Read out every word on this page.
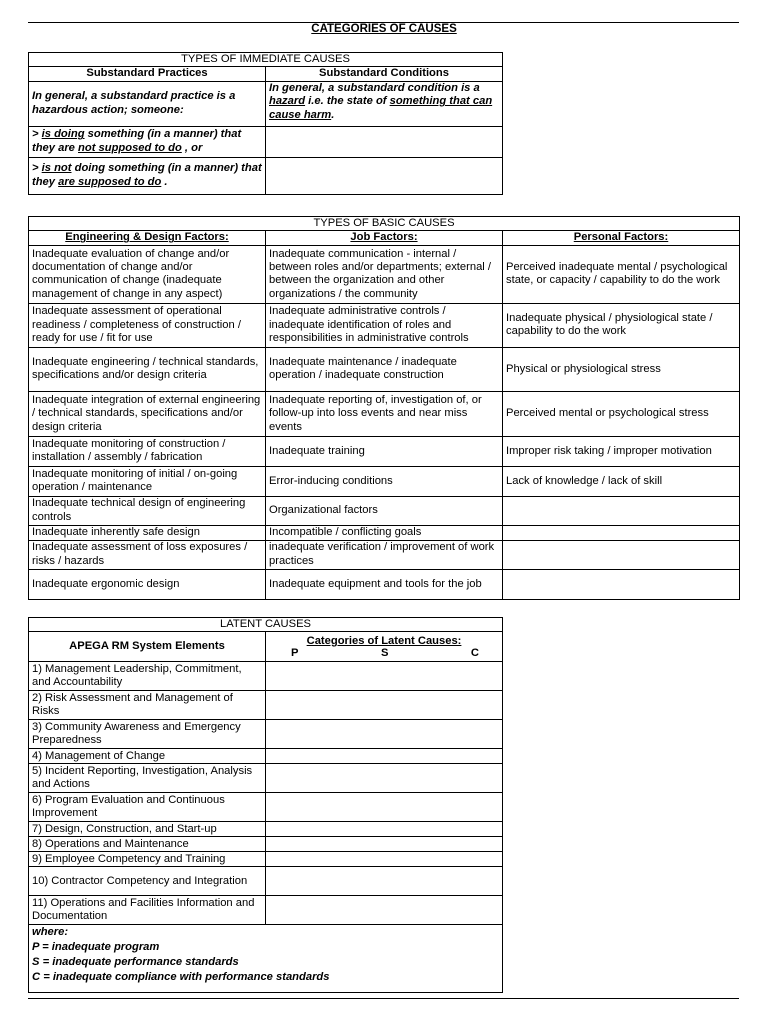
CATEGORIES OF CAUSES
TYPES OF IMMEDIATE CAUSES	
Substandard Practices	Substandard Conditions
In general, a substandard practice is a hazardous action; someone:	In general, a substandard condition is a hazard i.e. the state of something that can cause harm.
> is doing something (in a manner) that they are not supposed to do , or	
> is not doing something (in a manner) that they are supposed to do .	
TYPES OF BASIC CAUSES		
Engineering & Design Factors:	Job Factors:	Personal Factors:
Inadequate evaluation of change and/or documentation of change and/or communication of change (inadequate management of change in any aspect)	Inadequate communication - internal / between roles and/or departments; external / between the organization and other organizations / the community	Perceived inadequate mental / psychological state, or capacity / capability to do the work
Inadequate assessment of operational readiness / completeness of construction / ready for use / fit for use	Inadequate administrative controls / inadequate identification of roles and responsibilities in administrative controls	Inadequate physical / physiological state / capability to do the work
Inadequate engineering / technical standards, specifications and/or design criteria	Inadequate maintenance / inadequate operation / inadequate construction	Physical or physiological stress
Inadequate integration of external engineering / technical standards, specifications and/or design criteria	Inadequate reporting of, investigation of, or follow-up into loss events and near miss events	Perceived mental or psychological stress
Inadequate monitoring of construction / installation / assembly / fabrication	Inadequate training	Improper risk taking / improper motivation
Inadequate monitoring of initial / on-going operation / maintenance	Error-inducing conditions	Lack of knowledge / lack of skill
Inadequate technical design of engineering controls	Organizational factors	
Inadequate inherently safe design	Incompatible / conflicting goals	
Inadequate assessment of loss exposures / risks / hazards	inadequate verification / improvement of work practices	
Inadequate ergonomic design	Inadequate equipment and tools for the job	
LATENT CAUSES	
APEGA RM System Elements	Categories of Latent Causes:
P S C

1) Management Leadership, Commitment, and Accountability	
2) Risk Assessment and Management of Risks	
3) Community Awareness and Emergency Preparedness	
4) Management of Change	
5) Incident Reporting, Investigation, Analysis and Actions	
6) Program Evaluation and Continuous Improvement	
7) Design, Construction, and Start-up	
8) Operations and Maintenance	
9) Employee Competency and Training	
10) Contractor Competency and Integration	
11) Operations and Facilities Information and Documentation	

where:
P = inadequate program
S = inadequate performance standards
C = inadequate compliance with performance standards	
